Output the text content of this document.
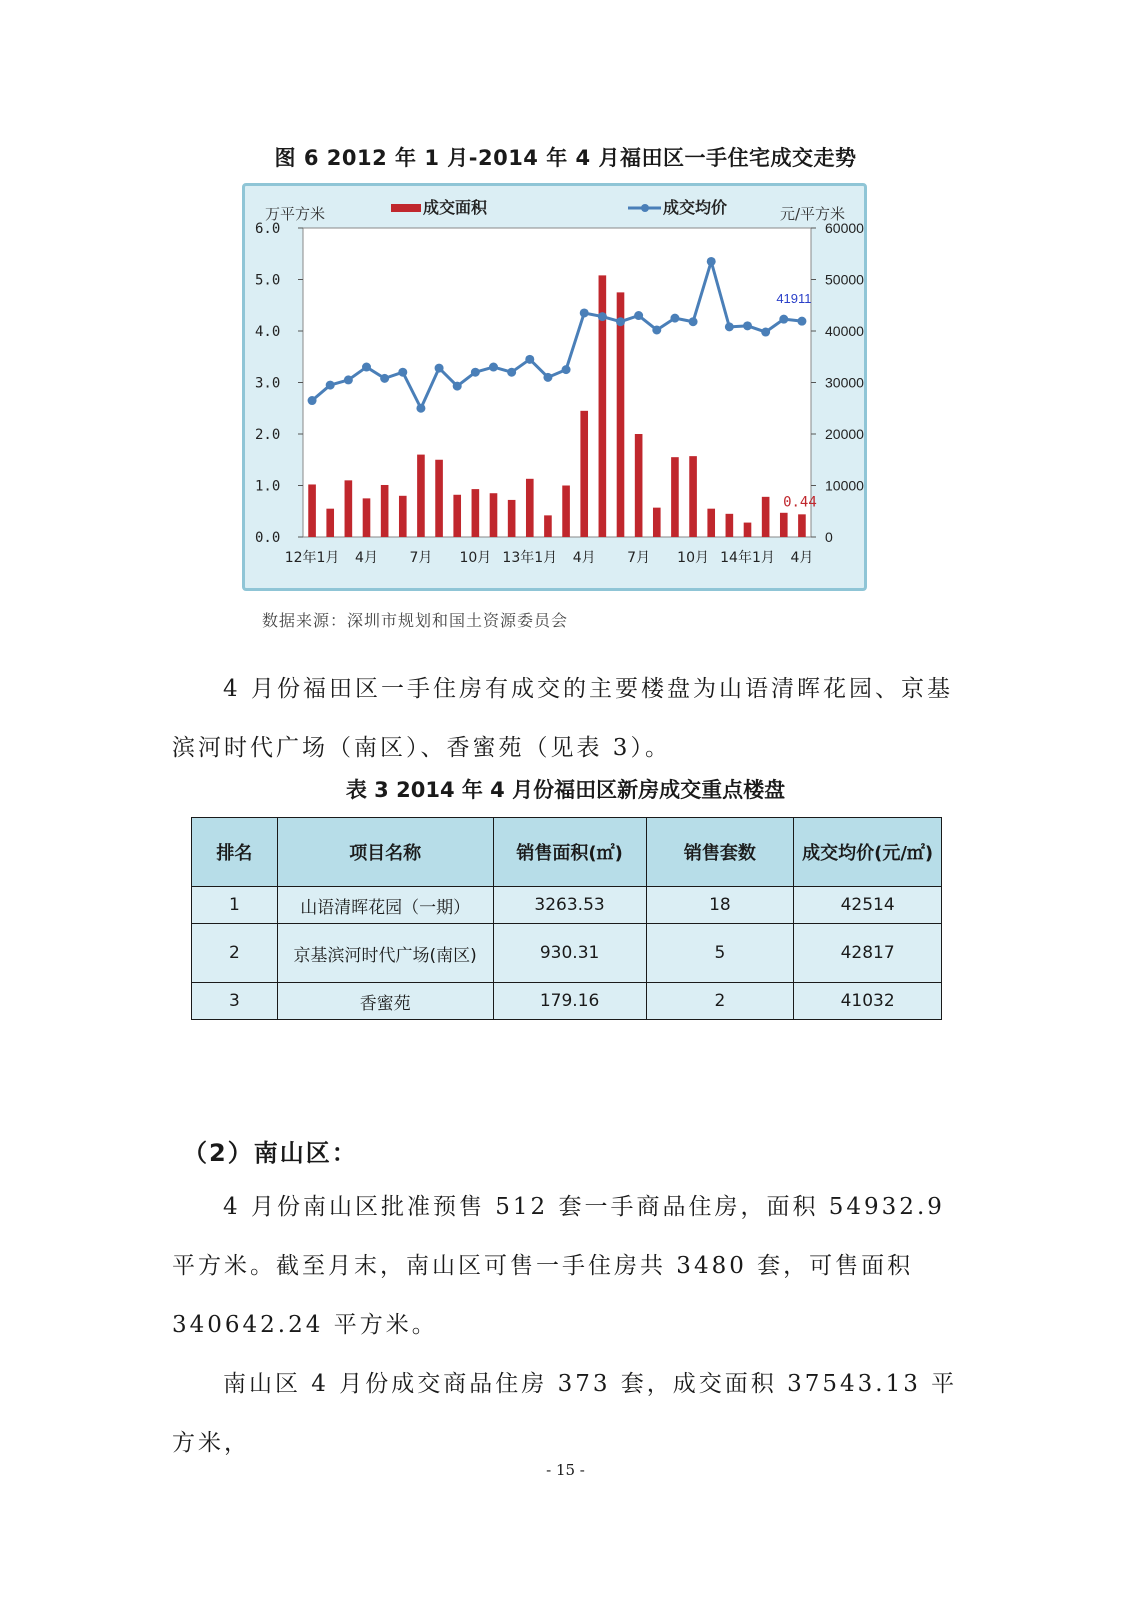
图 6 2012 年 1 月-2014 年 4 月福田区一手住宅成交走势
6.0
5.0
4.0
3.0
2.0
1.0
0.0
60000
50000
40000
30000
20000
10000
0
万平方米	元/平方米
成交面积	成交均价
41911
0.44
12年1月 4月 7月 10月 13年1月 4月 7月 10月 14年1月 4月
数据来源：深圳市规划和国土资源委员会
4 月份福田区一手住房有成交的主要楼盘为山语清晖花园、京基滨河时代广场（南区）、香蜜苑（见表 3）。
表 3 2014 年 4 月份福田区新房成交重点楼盘
排名	项目名称	销售面积(㎡)	销售套数	成交均价(元/㎡)
1	山语清晖花园（一期）	3263.53	18	42514
2	京基滨河时代广场(南区)	930.31	5	42817
3	香蜜苑	179.16	2	41032
（2）南山区：
4 月份南山区批准预售 512 套一手商品住房，面积 54932.9 平方米。截至月末，南山区可售一手住房共 3480 套，可售面积 340642.24 平方米。
南山区 4 月份成交商品住房 373 套，成交面积 37543.13 平方米，
- 15 -
